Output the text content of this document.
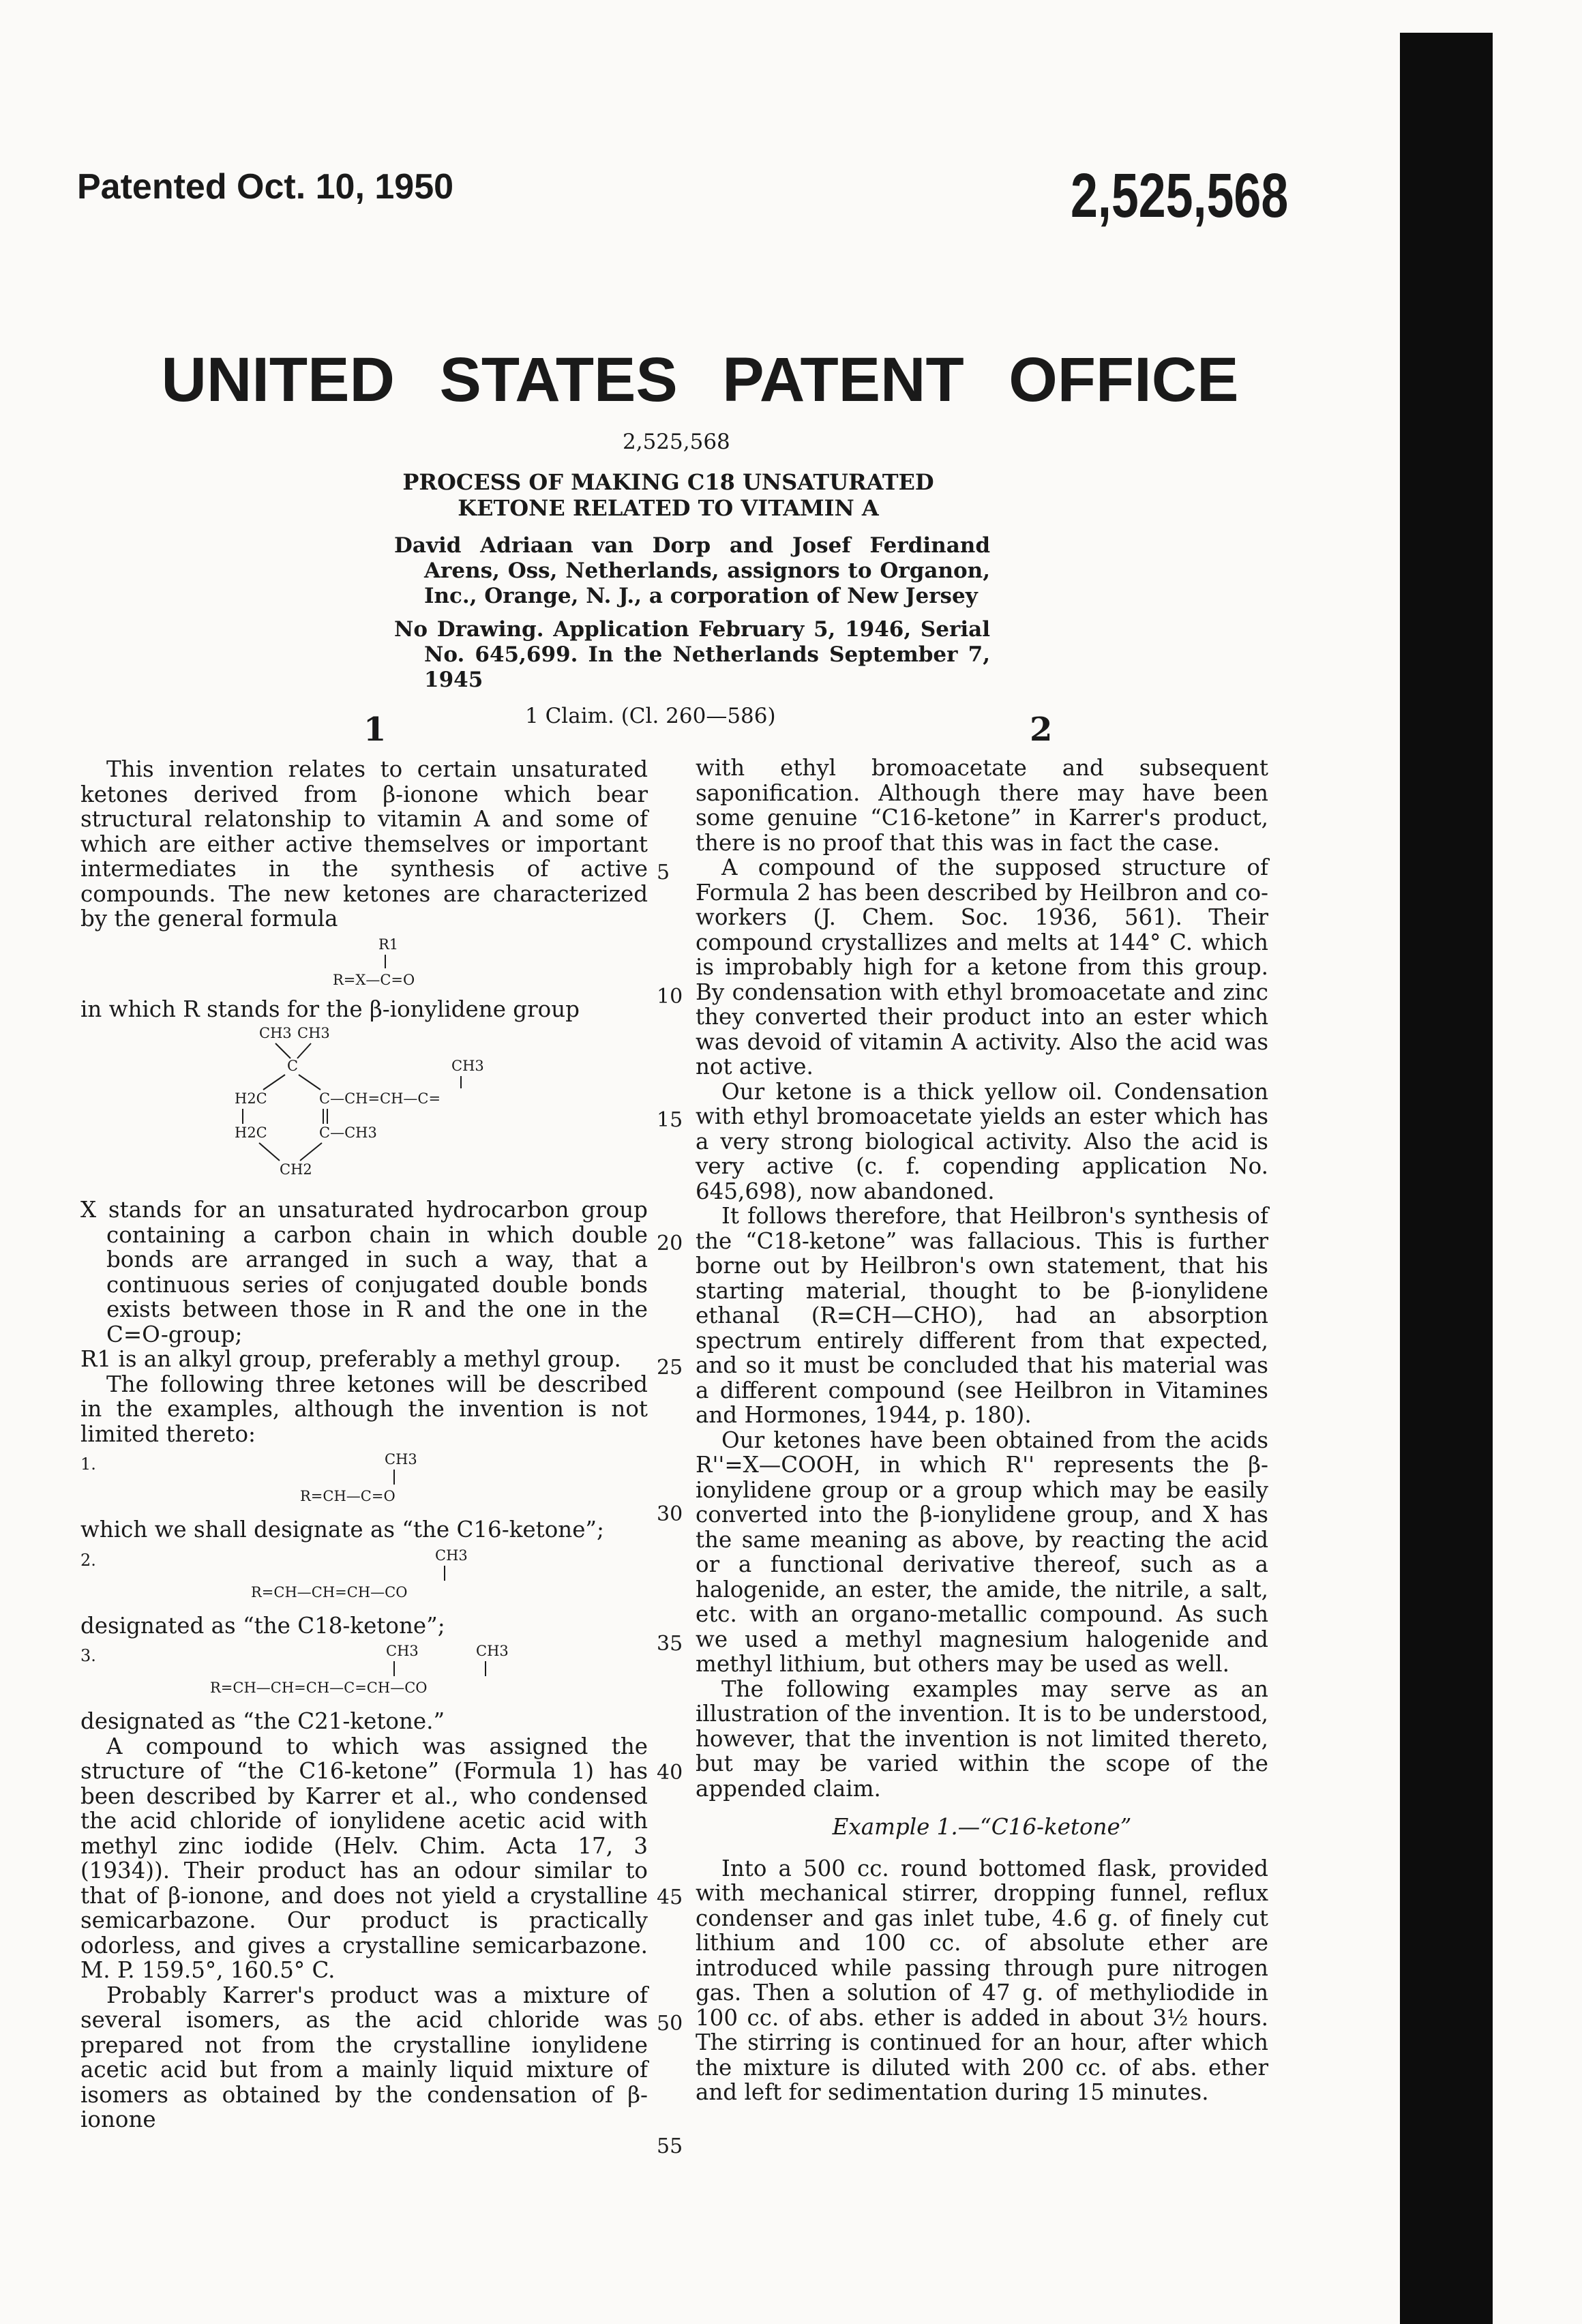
Patented Oct. 10, 1950	2,525,568
UNITED STATES PATENT OFFICE
2,525,568

PROCESS OF MAKING C18 UNSATURATED KETONE RELATED TO VITAMIN A

David Adriaan van Dorp and Josef Ferdinand Arens, Oss, Netherlands, assignors to Organon, Inc., Orange, N. J., a corporation of New Jersey

No Drawing. Application February 5, 1946, Serial No. 645,699. In the Netherlands September 7, 1945

1 Claim. (Cl. 260—586)
1	2

This invention relates to certain unsaturated ketones derived from β-ionone which bear structural relatonship to vitamin A and some of which are either active themselves or important intermediates in the synthesis of active compounds. The new ketones are characterized by the general formula

R1
R=X—C=O

in which R stands for the β-ionylidene group

CH3 CH3
C	CH3
H2C	C—CH=CH—C=
H2C	C—CH3
CH2

X stands for an unsaturated hydrocarbon group containing a carbon chain in which double bonds are arranged in such a way, that a continuous series of conjugated double bonds exists between those in R and the one in the C=O-group;

R1 is an alkyl group, preferably a methyl group.

The following three ketones will be described in the examples, although the invention is not limited thereto:

1.	CH3
R=CH—C=O

which we shall designate as “the C16-ketone”;

2.	CH3
R=CH—CH=CH—CO

designated as “the C18-ketone”;

3.	CH3	CH3
R=CH—CH=CH—C=CH—CO

designated as “the C21-ketone.”

A compound to which was assigned the structure of “the C16-ketone” (Formula 1) has been described by Karrer et al., who condensed the acid chloride of ionylidene acetic acid with methyl zinc iodide (Helv. Chim. Acta 17, 3 (1934)). Their product has an odour similar to that of β-ionone, and does not yield a crystalline semicarbazone. Our product is practically odorless, and gives a crystalline semicarbazone. M. P. 159.5°, 160.5° C.

Probably Karrer's product was a mixture of several isomers, as the acid chloride was prepared not from the crystalline ionylidene acetic acid but from a mainly liquid mixture of isomers as obtained by the condensation of β-ionone

5
10
15
20
25
30
35
40
45
50
55

with ethyl bromoacetate and subsequent saponification. Although there may have been some genuine “C16-ketone” in Karrer's product, there is no proof that this was in fact the case.

A compound of the supposed structure of Formula 2 has been described by Heilbron and co-workers (J. Chem. Soc. 1936, 561). Their compound crystallizes and melts at 144° C. which is improbably high for a ketone from this group. By condensation with ethyl bromoacetate and zinc they converted their product into an ester which was devoid of vitamin A activity. Also the acid was not active.

Our ketone is a thick yellow oil. Condensation with ethyl bromoacetate yields an ester which has a very strong biological activity. Also the acid is very active (c. f. copending application No. 645,698), now abandoned.

It follows therefore, that Heilbron's synthesis of the “C18-ketone” was fallacious. This is further borne out by Heilbron's own statement, that his starting material, thought to be β-ionylidene ethanal (R=CH—CHO), had an absorption spectrum entirely different from that expected, and so it must be concluded that his material was a different compound (see Heilbron in Vitamines and Hormones, 1944, p. 180).

Our ketones have been obtained from the acids R''=X—COOH, in which R'' represents the β-ionylidene group or a group which may be easily converted into the β-ionylidene group, and X has the same meaning as above, by reacting the acid or a functional derivative thereof, such as a halogenide, an ester, the amide, the nitrile, a salt, etc. with an organo-metallic compound. As such we used a methyl magnesium halogenide and methyl lithium, but others may be used as well.

The following examples may serve as an illustration of the invention. It is to be understood, however, that the invention is not limited thereto, but may be varied within the scope of the appended claim.

Example 1.—“C16-ketone”

Into a 500 cc. round bottomed flask, provided with mechanical stirrer, dropping funnel, reflux condenser and gas inlet tube, 4.6 g. of finely cut lithium and 100 cc. of absolute ether are introduced while passing through pure nitrogen gas. Then a solution of 47 g. of methyliodide in 100 cc. of abs. ether is added in about 3½ hours. The stirring is continued for an hour, after which the mixture is diluted with 200 cc. of abs. ether and left for sedimentation during 15 minutes.
